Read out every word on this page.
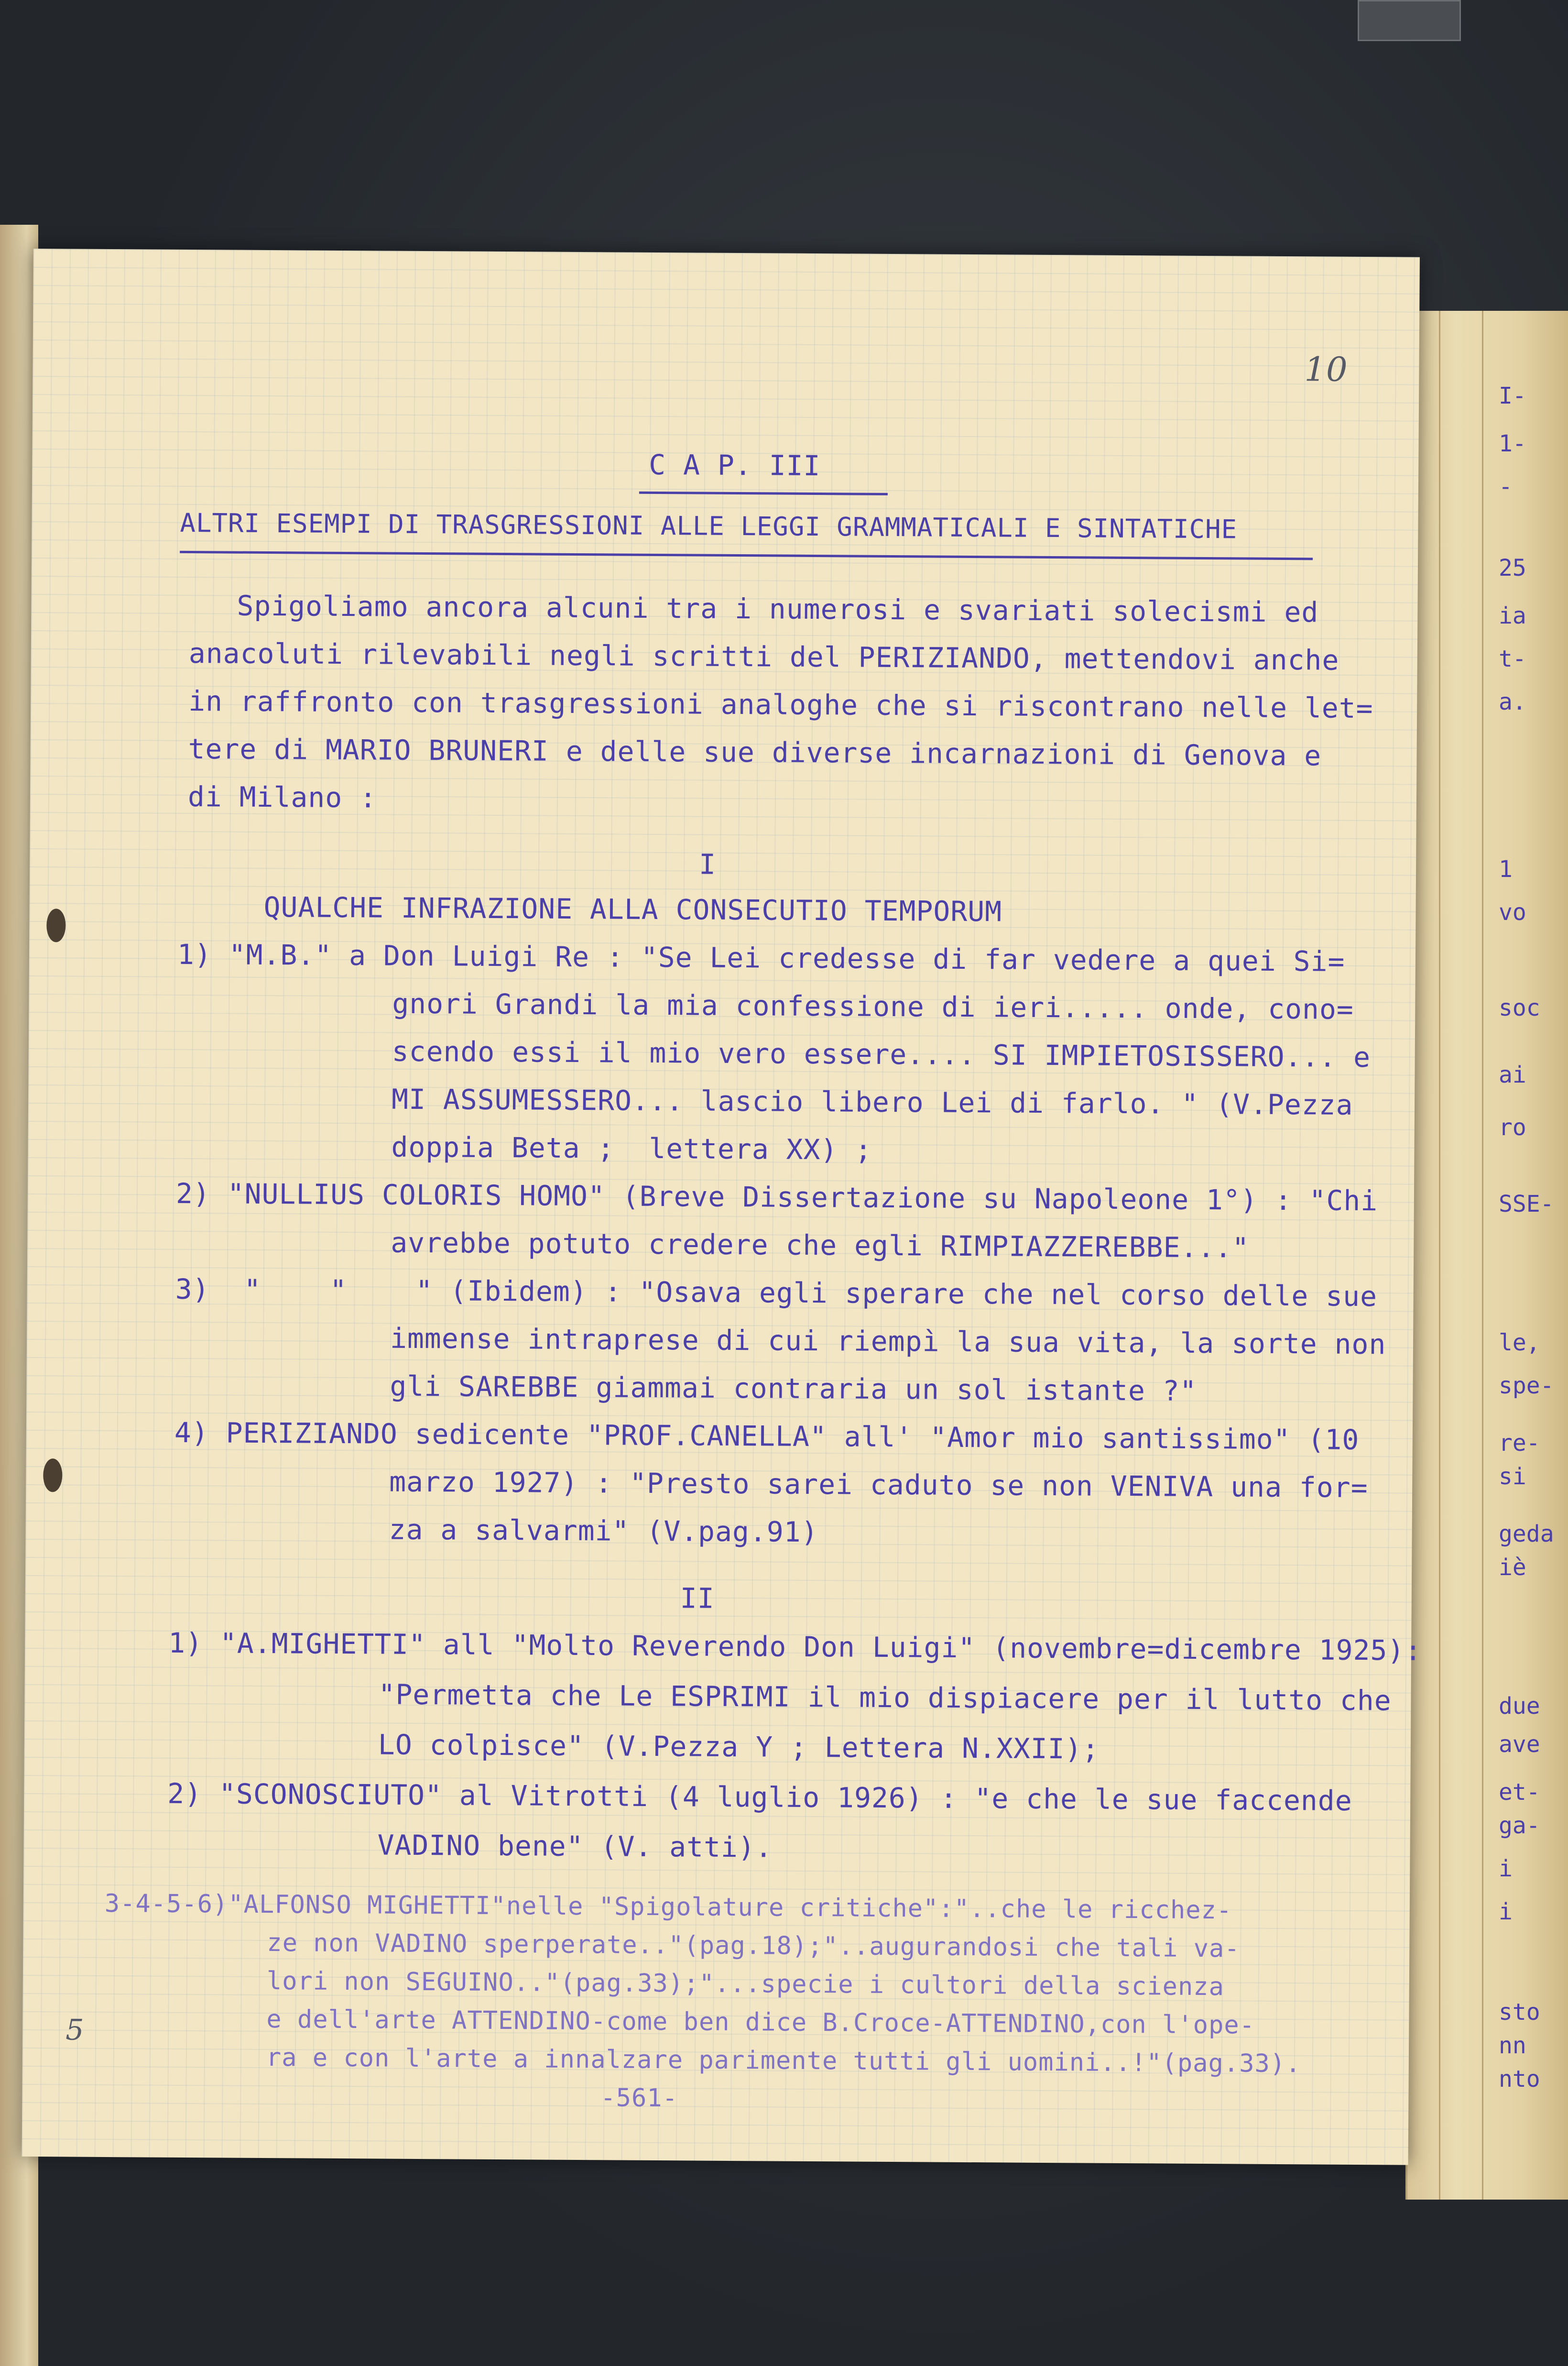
I-
1-
-
25
ia
t-
a.
1
vo
soc
ai
ro
SSE-
le,
spe-
re-
si
geda
iè
due
ave
et-
ga-
i
i
sto
nn
nto
10
C A P. III
ALTRI ESEMPI DI TRASGRESSIONI ALLE LEGGI GRAMMATICALI E SINTATICHE
Spigoliamo ancora alcuni tra i numerosi e svariati solecismi ed
anacoluti rilevabili negli scritti del PERIZIANDO, mettendovi anche
in raffronto con trasgressioni analoghe che si riscontrano nelle let=
tere di MARIO BRUNERI e delle sue diverse incarnazioni di Genova e
di Milano :
I
QUALCHE INFRAZIONE ALLA CONSECUTIO TEMPORUM
1) "M.B." a Don Luigi Re : "Se Lei credesse di far vedere a quei Si=
gnori Grandi la mia confessione di ieri..... onde, cono=
scendo essi il mio vero essere.... SI IMPIETOSISSERO... e
MI ASSUMESSERO... lascio libero Lei di farlo. " (V.Pezza
doppia Beta ;  lettera XX) ;
2) "NULLIUS COLORIS HOMO" (Breve Dissertazione su Napoleone 1°) : "Chi
avrebbe potuto credere che egli RIMPIAZZEREBBE..."
3)  "    "    " (Ibidem) : "Osava egli sperare che nel corso delle sue
immense intraprese di cui riempì la sua vita, la sorte non
gli SAREBBE giammai contraria un sol istante ?"
4) PERIZIANDO sedicente "PROF.CANELLA" all' "Amor mio santissimo" (10
marzo 1927) : "Presto sarei caduto se non VENIVA una for=
za a salvarmi" (V.pag.91)
II
1) "A.MIGHETTI" all "Molto Reverendo Don Luigi" (novembre=dicembre 1925):
"Permetta che Le ESPRIMI il mio dispiacere per il lutto che
LO colpisce" (V.Pezza Y ; Lettera N.XXII);
2) "SCONOSCIUTO" al Vitrotti (4 luglio 1926) : "e che le sue faccende
VADINO bene" (V. atti).
3-4-5-6)"ALFONSO MIGHETTI"nelle "Spigolature critiche":"..che le ricchez-
ze non VADINO sperperate.."(pag.18);"..augurandosi che tali va-
lori non SEGUINO.."(pag.33);"...specie i cultori della scienza
e dell'arte ATTENDINO-come ben dice B.Croce-ATTENDINO,con l'ope-
ra e con l'arte a innalzare parimente tutti gli uomini..!"(pag.33).
5
-561-
